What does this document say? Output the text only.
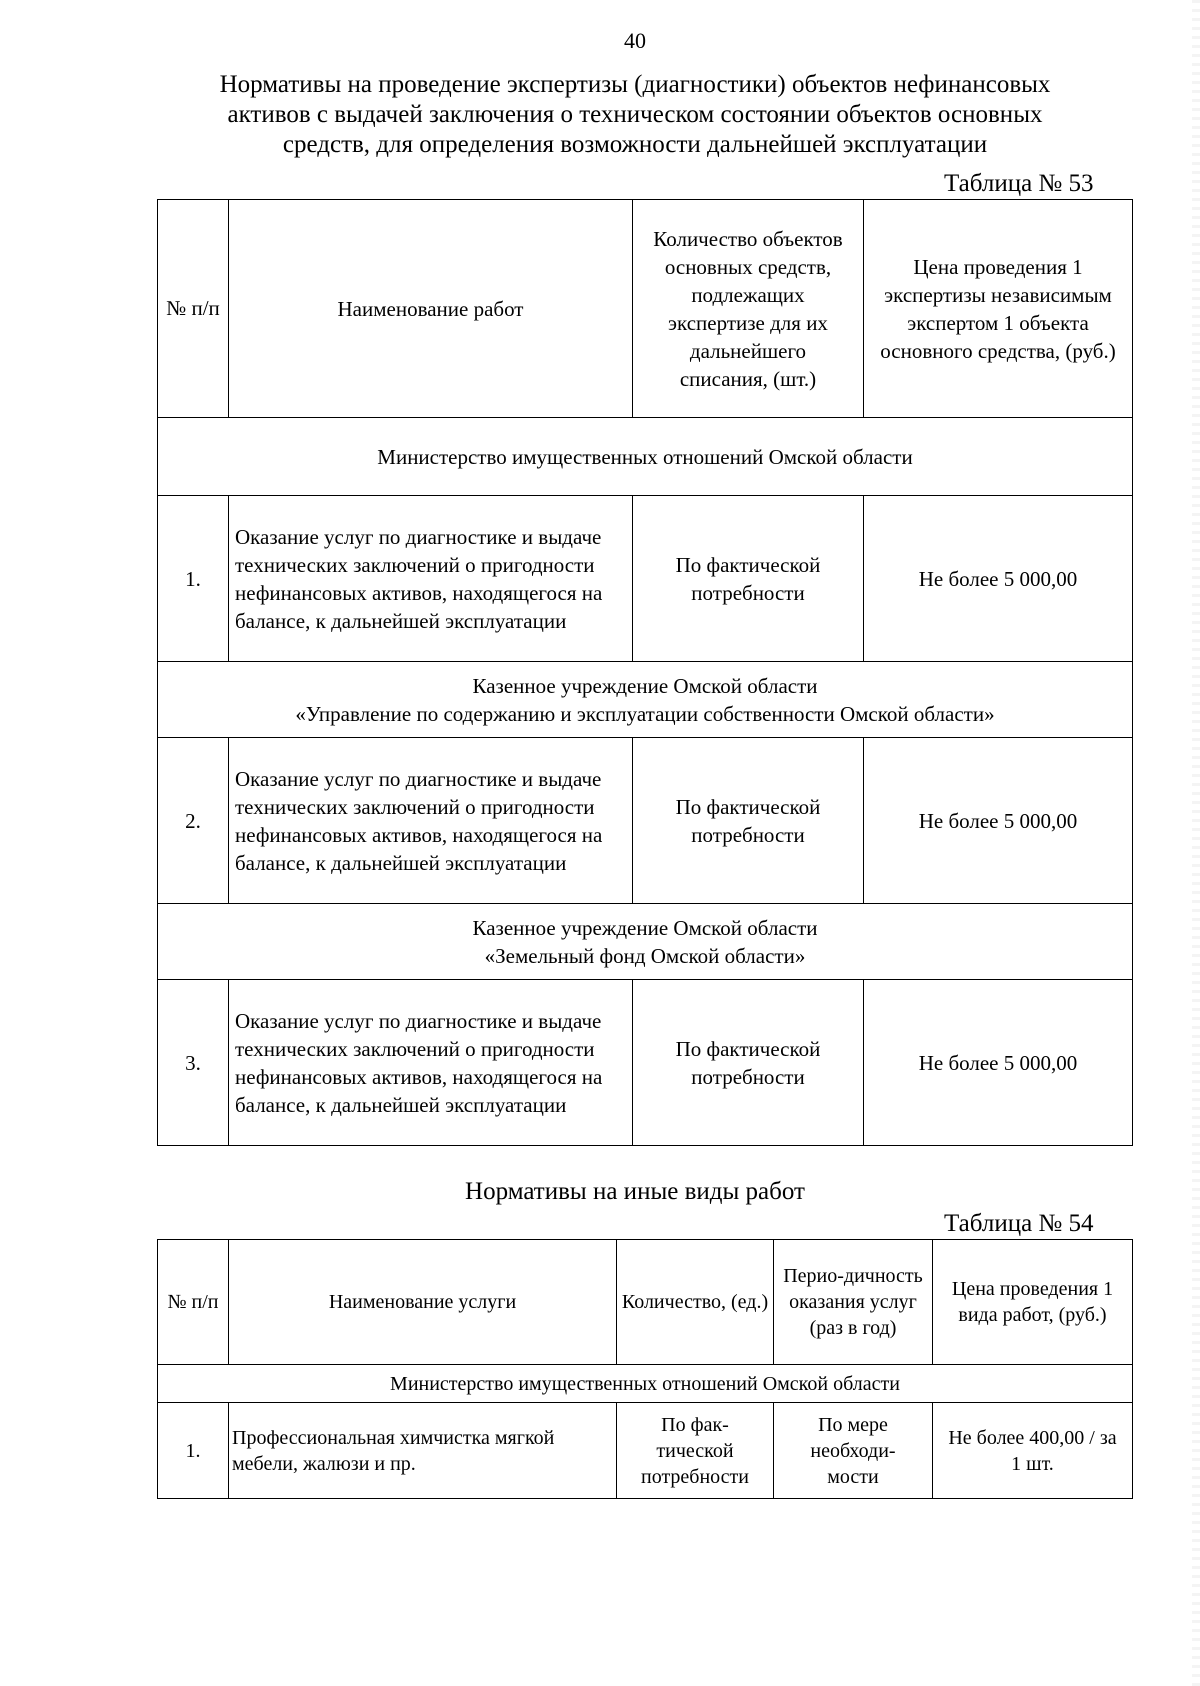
40
Нормативы на проведение экспертизы (диагностики) объектов нефинансовых
активов с выдачей заключения о техническом состоянии объектов основных
средств, для определения возможности дальнейшей эксплуатации
Таблица № 53
№ п/п	Наименование работ	Количество объектов основных средств, подлежащих экспертизе для их дальнейшего списания, (шт.)	Цена проведения 1 экспертизы независимым экспертом 1 объекта основного средства, (руб.)

Министерство имущественных отношений Омской области			

1.	Оказание услуг по диагностике и выдаче технических заключений о пригодности нефинансовых активов, находящегося на балансе, к дальнейшей эксплуатации	По фактической потребности	Не более 5 000,00

Казенное учреждение Омской области
«Управление по содержанию и эксплуатации собственности Омской области»			

2.	Оказание услуг по диагностике и выдаче технических заключений о пригодности нефинансовых активов, находящегося на балансе, к дальнейшей эксплуатации	По фактической потребности	Не более 5 000,00

Казенное учреждение Омской области
«Земельный фонд Омской области»			

3.	Оказание услуг по диагностике и выдаче технических заключений о пригодности нефинансовых активов, находящегося на балансе, к дальнейшей эксплуатации	По фактической потребности	Не более 5 000,00
Нормативы на иные виды работ
Таблица № 54
№ п/п	Наименование услуги	Количество, (ед.)	Перио-дичность оказания услуг (раз в год)	Цена проведения 1 вида работ, (руб.)
Министерство имущественных отношений Омской области				
1.	Профессиональная химчистка мягкой мебели, жалюзи и пр.	По фак-тической потребности	По мере необходи-мости	Не более 400,00 / за 1 шт.
